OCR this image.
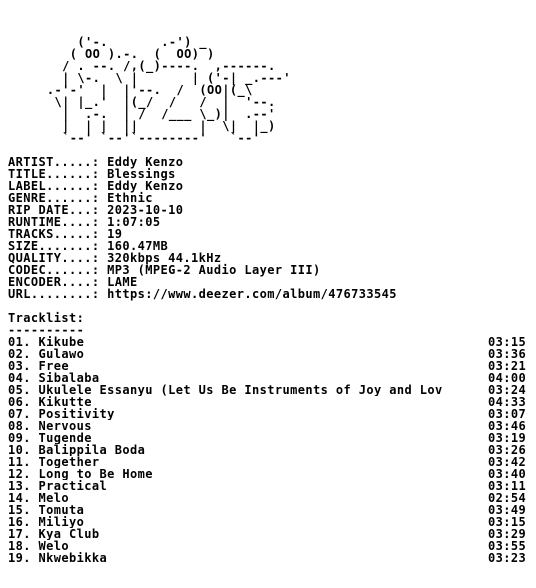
('-.       .-') _
( OO ).-.  (  OO) )
/ . --. /,(_)----.  ,------.
| \-.  \ |       | ('-| _.---'
.-'-'  |  |'--.  /  (OO|(_\
\| |_.'  |(_/  /   /  |  '--.
|  .-.  | /  /___ \_)|  .--'
|  | |  ||        |  \|  |_)
`--' `--'`--------'   `--'
ARTIST.....: Eddy Kenzo
TITLE......: Blessings
LABEL......: Eddy Kenzo
GENRE......: Ethnic
RIP DATE...: 2023-10-10
RUNTIME....: 1:07:05
TRACKS.....: 19
SIZE.......: 160.47MB
QUALITY....: 320kbps 44.1kHz
CODEC......: MP3 (MPEG-2 Audio Layer III)
ENCODER....: LAME
URL........: https://www.deezer.com/album/476733545
Tracklist:
----------
01. Kikube	03:15
02. Gulawo	03:36
03. Free	03:21
04. Sibalaba	04:00
05. Ukulele Essanyu (Let Us Be Instruments of Joy and Lov	03:24
06. Kikutte	04:33
07. Positivity	03:07
08. Nervous	03:46
09. Tugende	03:19
10. Balippila Boda	03:26
11. Together	03:42
12. Long to Be Home	03:40
13. Practical	03:11
14. Melo	02:54
15. Tomuta	03:49
16. Miliyo	03:15
17. Kya Club	03:29
18. Welo	03:55
19. Nkwebikka	03:23
